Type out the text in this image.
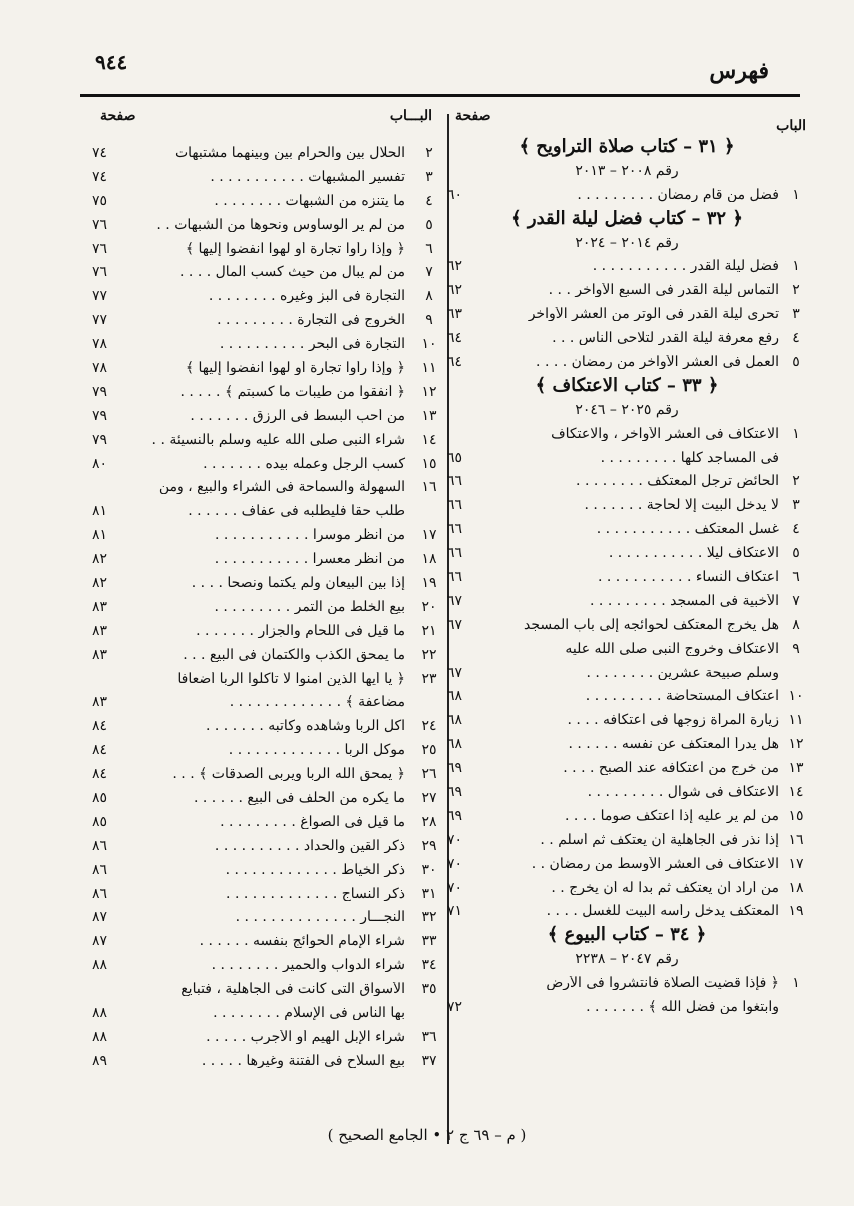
٩٤٤	فهرس
الباب
صفحة
البـــاب
صفحة
﴿ ٣١ – كتاب صلاة التراويح ﴾
رقم ٢٠٠٨ – ٢٠١٣
١
فضل من قام رمضان . . . . . . . . .
٦٠
﴿ ٣٢ – كتاب فضل ليلة القدر ﴾
رقم ٢٠١٤ – ٢٠٢٤
١
فضل ليلة القدر . . . . . . . . . . .
٦٢
٢
التماس ليلة القدر فى السبع الأواخر . . .
٦٢
٣
تحرى ليلة القدر فى الوتر من العشر الأواخر
٦٣
٤
رفع معرفة ليلة القدر لتلاحى الناس . . .
٦٤
٥
العمل فى العشر الأواخر من رمضان . . . .
٦٤
﴿ ٣٣ – كتاب الاعتكاف ﴾
رقم ٢٠٢٥ – ٢٠٤٦
١
الاعتكاف فى العشر الأواخر ، والاعتكاف
فى المساجد كلها . . . . . . . . .
٦٥
٢
الحائض ترجل المعتكف . . . . . . . .
٦٦
٣
لا يدخل البيت إلا لحاجة . . . . . . .
٦٦
٤
غسل المعتكف . . . . . . . . . . .
٦٦
٥
الاعتكاف ليلا . . . . . . . . . . .
٦٦
٦
اعتكاف النساء . . . . . . . . . . .
٦٦
٧
الأخبية فى المسجد . . . . . . . . .
٦٧
٨
هل يخرج المعتكف لحوائجه إلى باب المسجد
٦٧
٩
الاعتكاف وخروج النبى صلى الله عليه
وسلم صبيحة عشرين . . . . . . . .
٦٧
١٠
اعتكاف المستحاضة . . . . . . . . .
٦٨
١١
زيارة المرأة زوجها فى اعتكافه . . . .
٦٨
١٢
هل يدرأ المعتكف عن نفسه . . . . . .
٦٨
١٣
من خرج من اعتكافه عند الصبح . . . .
٦٩
١٤
الاعتكاف فى شوال . . . . . . . . .
٦٩
١٥
من لم ير عليه إذا اعتكف صوماً . . . .
٦٩
١٦
إذا نذر فى الجاهلية أن يعتكف ثم أسلم . .
٧٠
١٧
الاعتكاف فى العشر الأوسط من رمضان . .
٧٠
١٨
من أراد أن يعتكف ثم بدا له أن يخرج . .
٧٠
١٩
المعتكف يدخل رأسه البيت للغسل . . . .
٧١
﴿ ٣٤ – كتاب البيوع ﴾
رقم ٢٠٤٧ – ٢٢٣٨
١
﴿ فإذا قضيت الصلاة فانتشروا فى الأرض
وابتغوا من فضل الله ﴾ . . . . . . .
٧٢
٢
الحلال بين والحرام بين وبينهما مشتبهات
٧٤
٣
تفسير المشبهات . . . . . . . . . . .
٧٤
٤
ما يتنزه من الشبهات . . . . . . . .
٧٥
٥
من لم ير الوساوس ونحوها من الشبهات . .
٧٦
٦
﴿ وإذا رأوا تجارة أو لهواً انفضوا إليها ﴾
٧٦
٧
من لم يبال من حيث كسب المال . . . .
٧٦
٨
التجارة فى البز وغيره . . . . . . . .
٧٧
٩
الخروج فى التجارة . . . . . . . . .
٧٧
١٠
التجارة فى البحر . . . . . . . . . .
٧٨
١١
﴿ وإذا رأوا تجارة أو لهواً انفضوا إليها ﴾
٧٨
١٢
﴿ أنفقوا من طيبات ما كسبتم ﴾ . . . . .
٧٩
١٣
من أحب البسط فى الرزق . . . . . . .
٧٩
١٤
شراء النبى صلى الله عليه وسلم بالنسيئة . .
٧٩
١٥
كسب الرجل وعمله بيده . . . . . . .
٨٠
١٦
السهولة والسماحة فى الشراء والبيع ، ومن
طلب حقاً فليطلبه فى عفاف . . . . . .
٨١
١٧
من أنظر موسراً . . . . . . . . . . .
٨١
١٨
من أنظر معسراً . . . . . . . . . . .
٨٢
١٩
إذا بين البيعان ولم يكتما ونصحا . . . .
٨٢
٢٠
بيع الخلط من التمر . . . . . . . . .
٨٣
٢١
ما قيل فى اللحام والجزار . . . . . . .
٨٣
٢٢
ما يمحق الكذب والكتمان فى البيع . . .
٨٣
٢٣
﴿ يا أيها الذين آمنوا لا تأكلوا الربا أضعافاً
مضاعفة ﴾ . . . . . . . . . . . . .
٨٣
٢٤
آكل الربا وشاهده وكاتبه . . . . . . .
٨٤
٢٥
موكل الربا . . . . . . . . . . . . .
٨٤
٢٦
﴿ يمحق الله الربا ويربى الصدقات ﴾ . . .
٨٤
٢٧
ما يكره من الحلف فى البيع . . . . . .
٨٥
٢٨
ما قيل فى الصواغ . . . . . . . . .
٨٥
٢٩
ذكر القين والحداد . . . . . . . . . .
٨٦
٣٠
ذكر الخياط . . . . . . . . . . . . .
٨٦
٣١
ذكر النساج . . . . . . . . . . . . .
٨٦
٣٢
النجـــار . . . . . . . . . . . . . .
٨٧
٣٣
شراء الإمام الحوائج بنفسه . . . . . .
٨٧
٣٤
شراء الدواب والحمير . . . . . . . .
٨٨
٣٥
الأسواق التى كانت فى الجاهلية ، فتبايع
بها الناس فى الإسلام . . . . . . . .
٨٨
٣٦
شراء الإبل الهيم أو الأجرب . . . . .
٨٨
٣٧
بيع السلاح فى الفتنة وغيرها . . . . .
٨٩
( م – ٦٩ ج ٢ • الجامع الصحيح )
